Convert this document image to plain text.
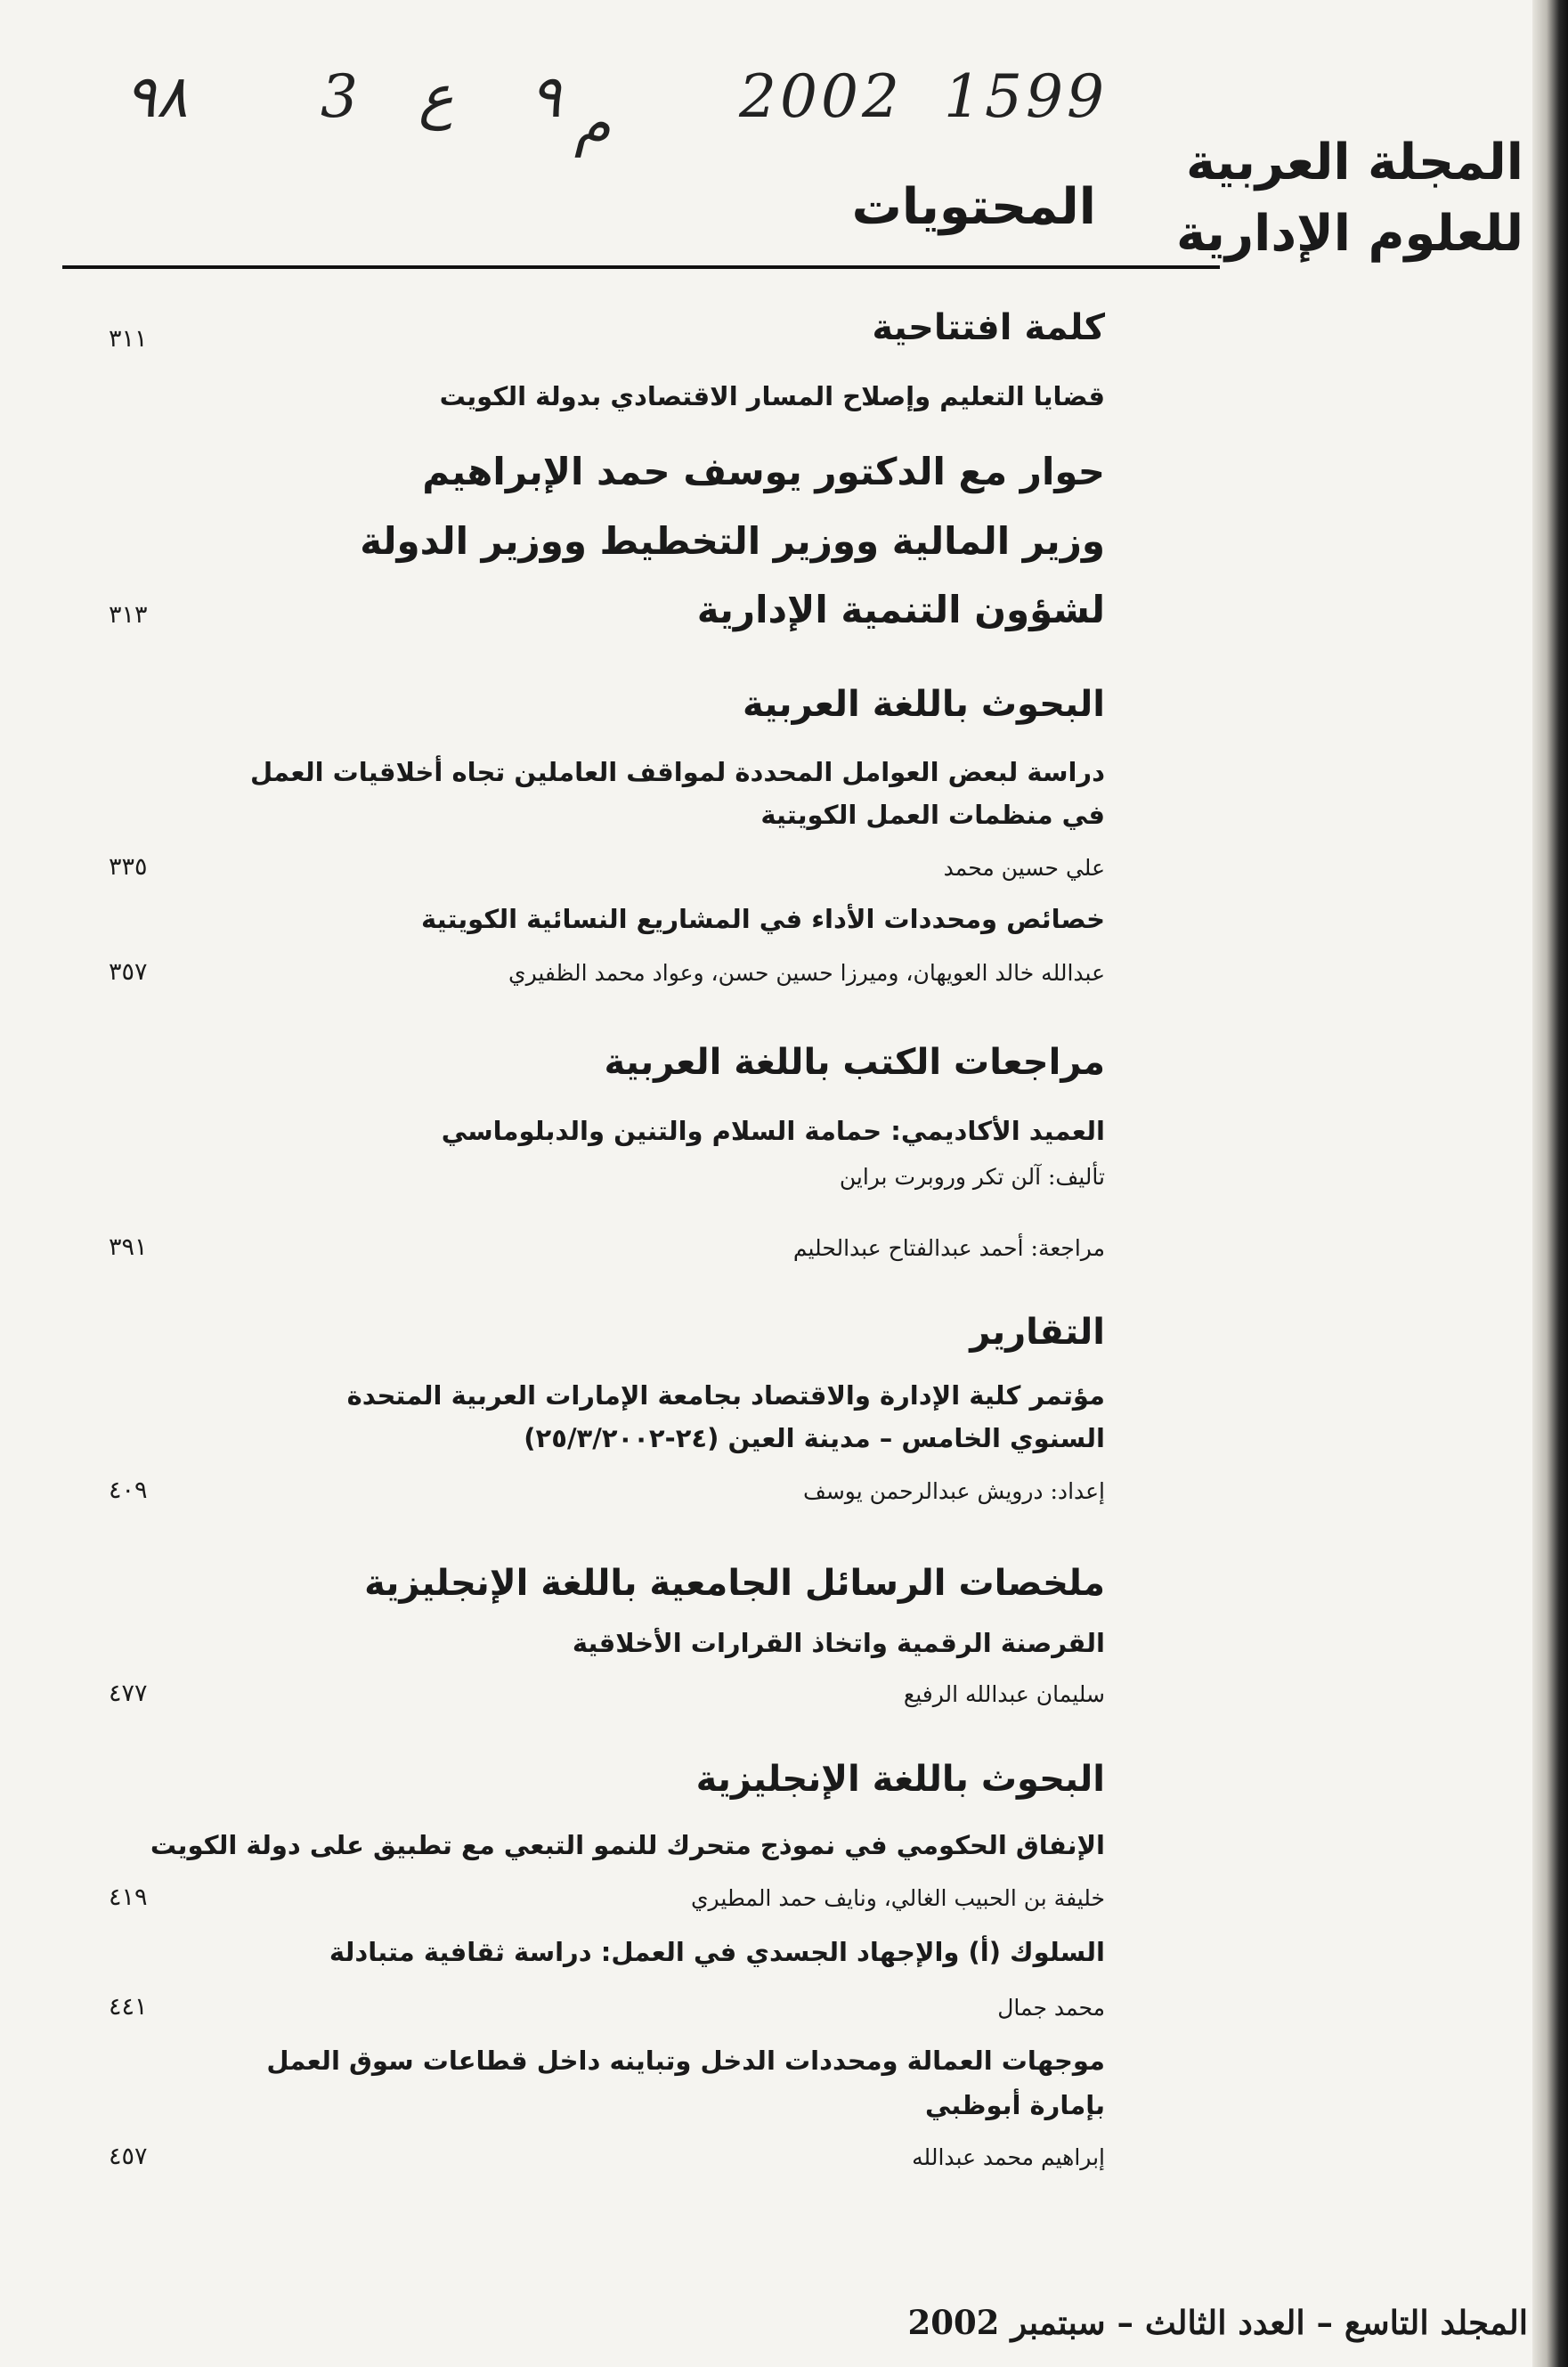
٩٨ 3 ع ٩ م 2002 1599
المجلة العربية
للعلوم الإدارية
المحتويات
كلمة افتتاحية
٣١١
قضايا التعليم وإصلاح المسار الاقتصادي بدولة الكويت
حوار مع الدكتور يوسف حمد الإبراهيم
وزير المالية ووزير التخطيط ووزير الدولة
لشؤون التنمية الإدارية
٣١٣
البحوث باللغة العربية
دراسة لبعض العوامل المحددة لمواقف العاملين تجاه أخلاقيات العمل
في منظمات العمل الكويتية
علي حسين محمد
٣٣٥
خصائص ومحددات الأداء في المشاريع النسائية الكويتية
عبدالله خالد العويهان، وميرزا حسين حسن، وعواد محمد الظفيري
٣٥٧
مراجعات الكتب باللغة العربية
العميد الأكاديمي: حمامة السلام والتنين والدبلوماسي
تأليف: آلن تكر وروبرت براين
مراجعة: أحمد عبدالفتاح عبدالحليم
٣٩١
التقارير
مؤتمر كلية الإدارة والاقتصاد بجامعة الإمارات العربية المتحدة
السنوي الخامس – مدينة العين (٢٤-٢٥/٣/٢٠٠٢)
إعداد: درويش عبدالرحمن يوسف
٤٠٩
ملخصات الرسائل الجامعية باللغة الإنجليزية
القرصنة الرقمية واتخاذ القرارات الأخلاقية
سليمان عبدالله الرفيع
٤٧٧
البحوث باللغة الإنجليزية
الإنفاق الحكومي في نموذج متحرك للنمو التبعي مع تطبيق على دولة الكويت
خليفة بن الحبيب الغالي، ونايف حمد المطيري
٤١٩
السلوك (أ) والإجهاد الجسدي في العمل: دراسة ثقافية متبادلة
محمد جمال
٤٤١
موجهات العمالة ومحددات الدخل وتباينه داخل قطاعات سوق العمل
بإمارة أبوظبي
إبراهيم محمد عبدالله
٤٥٧
المجلد التاسع – العدد الثالث – سبتمبر 2002
